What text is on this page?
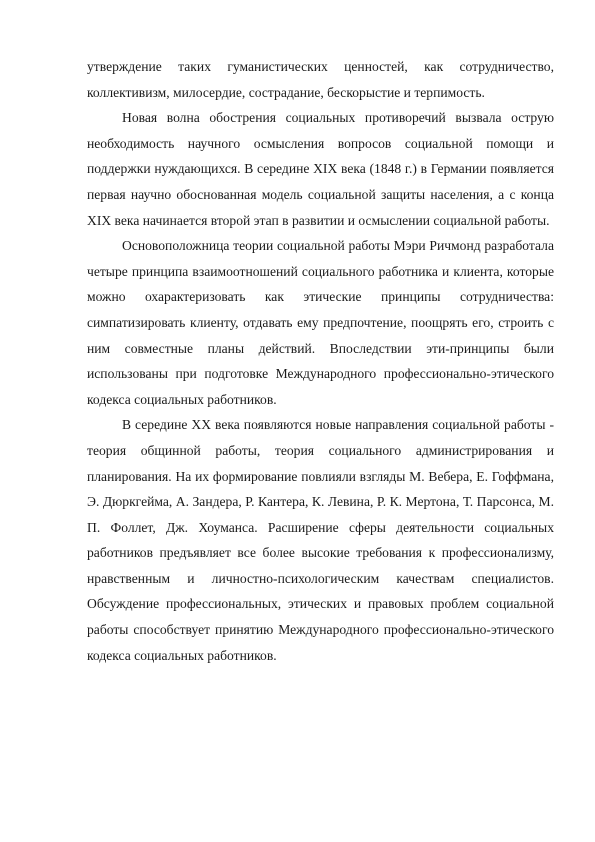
утверждение таких гуманистических ценностей, как сотрудничество, коллективизм, милосердие, сострадание, бескорыстие и терпимость.

Новая волна обострения социальных противоречий вызвала острую необходимость научного осмысления вопросов социальной помощи и поддержки нуждающихся. В середине XIX века (1848 г.) в Германии появляется первая научно обоснованная модель социальной защиты населения, а с конца XIX века начинается второй этап в развитии и осмыслении социальной работы.

Основоположница теории социальной работы Мэри Ричмонд разработала четыре принципа взаимоотношений социального работника и клиента, которые можно охарактеризовать как этические принципы сотрудничества: симпатизировать клиенту, отдавать ему предпочтение, поощрять его, строить с ним совместные планы действий. Впоследствии эти-принципы были использованы при подготовке Международного профессионально-этического кодекса социальных работников.

В середине XX века появляются новые направления социальной работы - теория общинной работы, теория социального администрирования и планирования. На их формирование повлияли взгляды М. Вебера, Е. Гоффмана, Э. Дюркгейма, А. Зандера, Р. Кантера, К. Левина, Р. К. Мертона, Т. Парсонса, М. П. Фоллет, Дж. Хоуманса. Расширение сферы деятельности социальных работников предъявляет все более высокие требования к профессионализму, нравственным и личностно-психологическим качествам специалистов. Обсуждение профессиональных, этических и правовых проблем социальной работы способствует принятию Международного профессионально-этического кодекса социальных работников.
